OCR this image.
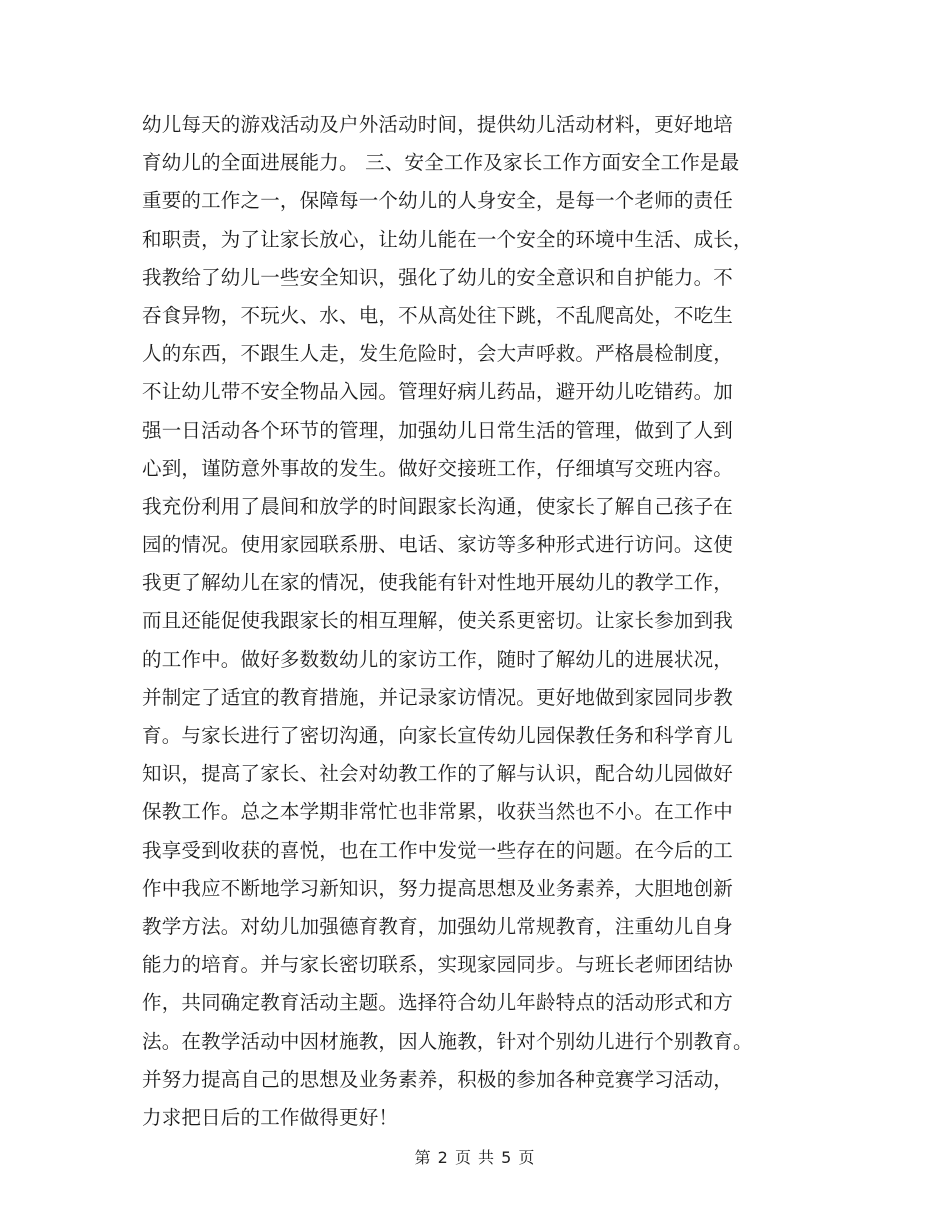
幼儿每天的游戏活动及户外活动时间，提供幼儿活动材料，更好地培
育幼儿的全面进展能力。 三、安全工作及家长工作方面安全工作是最
重要的工作之一，保障每一个幼儿的人身安全，是每一个老师的责任
和职责，为了让家长放心，让幼儿能在一个安全的环境中生活、成长，
我教给了幼儿一些安全知识，强化了幼儿的安全意识和自护能力。不
吞食异物，不玩火、水、电，不从高处往下跳，不乱爬高处，不吃生
人的东西，不跟生人走，发生危险时，会大声呼救。严格晨检制度，
不让幼儿带不安全物品入园。管理好病儿药品，避开幼儿吃错药。加
强一日活动各个环节的管理，加强幼儿日常生活的管理，做到了人到
心到，谨防意外事故的发生。做好交接班工作，仔细填写交班内容。
我充份利用了晨间和放学的时间跟家长沟通，使家长了解自己孩子在
园的情况。使用家园联系册、电话、家访等多种形式进行访问。这使
我更了解幼儿在家的情况，使我能有针对性地开展幼儿的教学工作，
而且还能促使我跟家长的相互理解，使关系更密切。让家长参加到我
的工作中。做好多数数幼儿的家访工作，随时了解幼儿的进展状况，
并制定了适宜的教育措施，并记录家访情况。更好地做到家园同步教
育。与家长进行了密切沟通，向家长宣传幼儿园保教任务和科学育儿
知识，提高了家长、社会对幼教工作的了解与认识，配合幼儿园做好
保教工作。总之本学期非常忙也非常累，收获当然也不小。在工作中
我享受到收获的喜悦，也在工作中发觉一些存在的问题。在今后的工
作中我应不断地学习新知识，努力提高思想及业务素养，大胆地创新
教学方法。对幼儿加强德育教育，加强幼儿常规教育，注重幼儿自身
能力的培育。并与家长密切联系，实现家园同步。与班长老师团结协
作，共同确定教育活动主题。选择符合幼儿年龄特点的活动形式和方
法。在教学活动中因材施教，因人施教，针对个别幼儿进行个别教育。
并努力提高自己的思想及业务素养，积极的参加各种竞赛学习活动，
力求把日后的工作做得更好！
第 2 页 共 5 页
